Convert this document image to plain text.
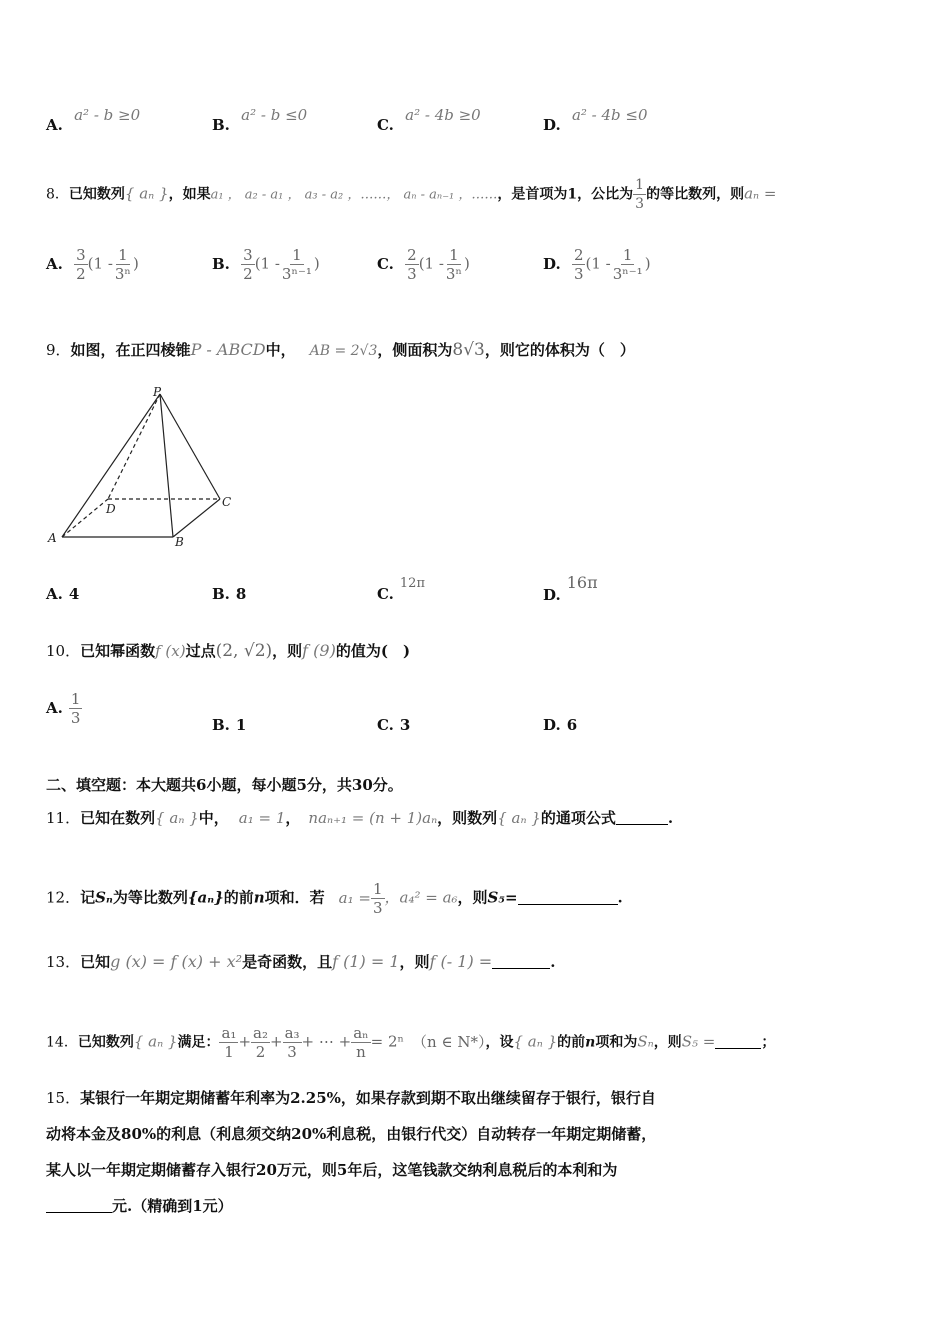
A. a² - b ≥0
B. a² - b ≤0
C. a² - 4b ≥0
D. a² - 4b ≤0
8．已知数列{ aₙ }，如果a₁ ， a₂ - a₁ ， a₃ - a₂ ，……， aₙ - aₙ₋₁ ，……，是首项为1，公比为 $\frac{1}{3}$ 的等比数列，则aₙ =
A. $\frac{3}{2} (1 - \frac{1}{\text{3ⁿ}}$ )	B. $\frac{3}{2} (1 - \frac{1}{\text{3ⁿ⁻¹}}$ )	C. $\frac{2}{3} (1 - \frac{1}{\text{3ⁿ}}$ )	D. $\frac{2}{3} (1 - \frac{1}{\text{3ⁿ⁻¹}}$ )
9．如图，在正四棱锥P - ABCD中， AB = 2√3，侧面积为8√3，则它的体积为（　）
P
A	B
C
D
A. 4	B. 8	C.12π
D.16π
10．已知幂函数f (x)过点(2, √2)，则f (9)的值为(　)
A. $\frac{1}{3}$	B. 1	C. 3	D. 6
二、填空题：本大题共6小题，每小题5分，共30分。
11．已知在数列{ aₙ }中， a₁ = 1， naₙ₊₁ = (n + 1)aₙ，则数列{ aₙ }的通项公式	.
12．记Sₙ为等比数列{aₙ}的前n项和．若 $a_1 = \frac{1}{3}$ ，a₄² = a₆，则S₅=	.
13．已知g (x) = f (x) + x²是奇函数，且f (1) = 1，则f (- 1) =	.
14．已知数列{ aₙ }满足： $\frac{\text{a₁}}{1} + \frac{\text{a₂}}{2} + \frac{\text{a₃}}{3}$ + ⋯ + $\frac{\text{aₙ}}{n} = 2^n$ （n ∈ N*），设{ aₙ }的前n项和为Sₙ，则S₅ =	；
15．某银行一年期定期储蓄年利率为2.25%，如果存款到期不取出继续留存于银行，银行自
动将本金及80%的利息（利息须交纳20%利息税，由银行代交）自动转存一年期定期储蓄，
某人以一年期定期储蓄存入银行20万元，则5年后，这笔钱款交纳利息税后的本利和为
元.（精确到1元）
